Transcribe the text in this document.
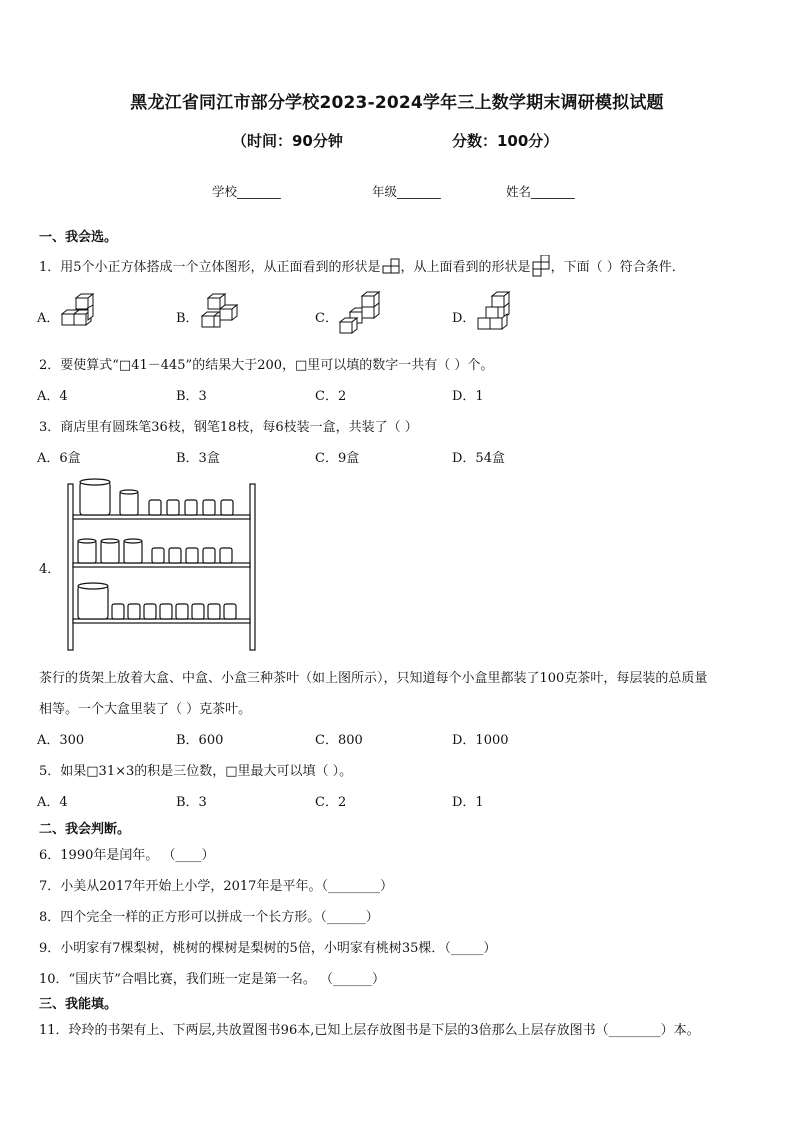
黑龙江省同江市部分学校2023-2024学年三上数学期末调研模拟试题
（时间：90分钟	分数：100分）
学校_______	年级_______	姓名_______
一、我会选。
1．用5个小正方体搭成一个立体图形，从正面看到的形状是 ，从上面看到的形状是 ，下面（ ）符合条件．
A．	B．	C．	D．
2．要使算式“□41－445”的结果大于200，□里可以填的数字一共有（ ）个。
A．4	B．3	C．2	D．1
3．商店里有圆珠笔36枝，钢笔18枝，每6枝装一盒，共装了（ ）
A．6盒	B．3盒	C．9盒	D．54盒
4．
茶行的货架上放着大盒、中盒、小盒三种茶叶（如上图所示），只知道每个小盒里都装了100克茶叶，每层装的总质量
相等。一个大盒里装了（ ）克茶叶。
A．300	B．600	C．800	D．1000
5．如果□31×3的积是三位数，□里最大可以填（ ）。
A．4	B．3	C．2	D．1
二、我会判断。
6．1990年是闰年。 （____）
7．小美从2017年开始上小学，2017年是平年。（________）
8．四个完全一样的正方形可以拼成一个长方形。（______）
9．小明家有7棵梨树，桃树的棵树是梨树的5倍，小明家有桃树35棵．（_____）
10．“国庆节”合唱比赛，我们班一定是第一名。 （______）
三、我能填。
11．玲玲的书架有上、下两层,共放置图书96本,已知上层存放图书是下层的3倍那么上层存放图书（________）本。
